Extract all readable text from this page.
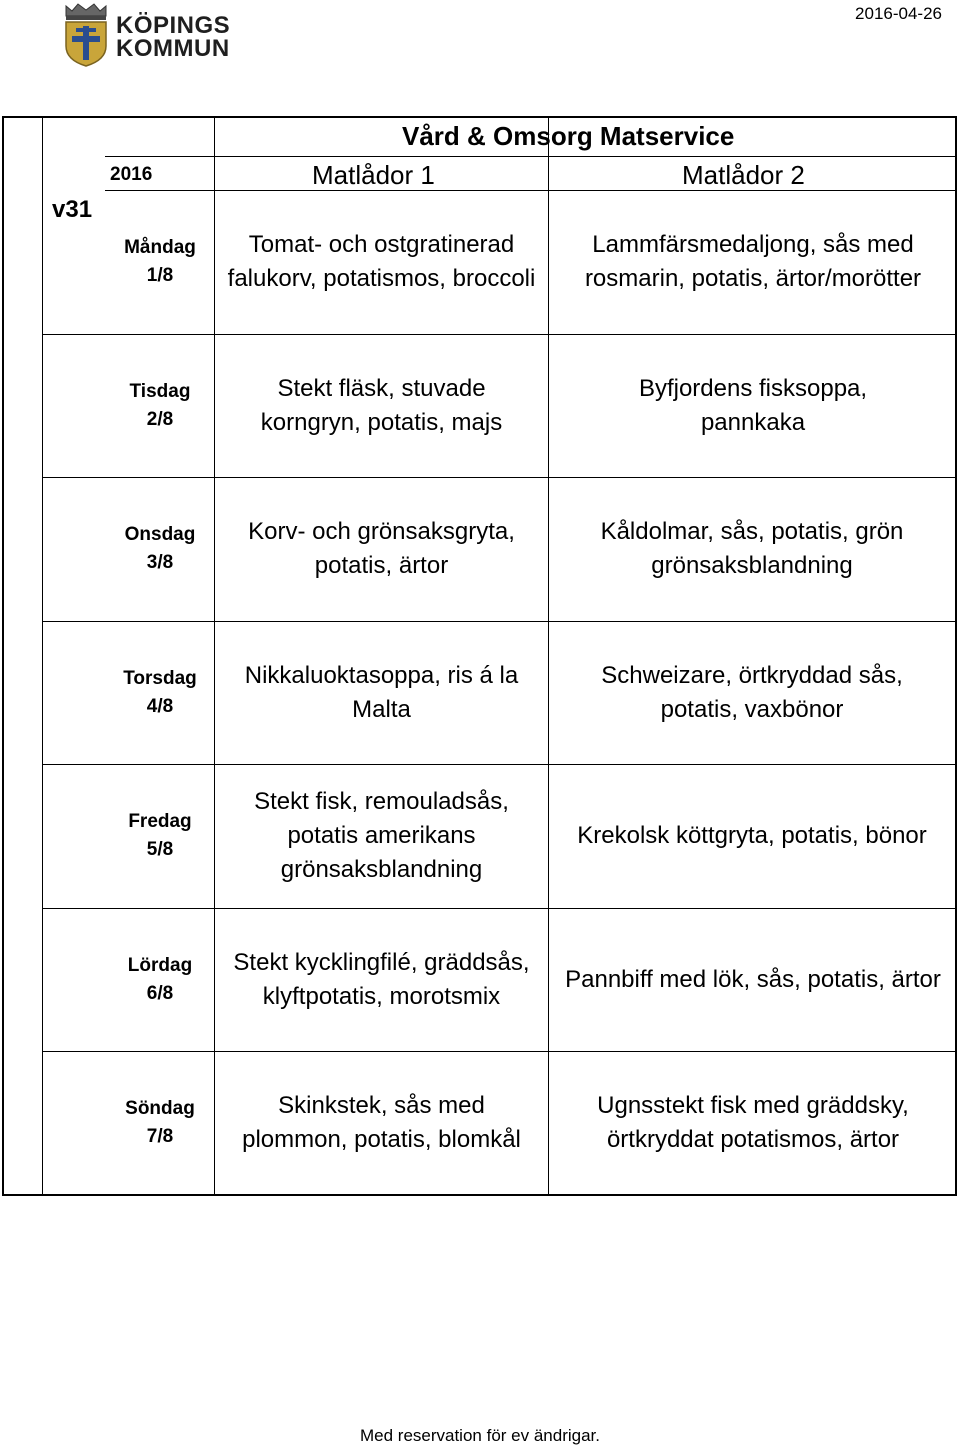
KÖPINGS
KOMMUN
2016-04-26
Vård & Omsorg Matservice
2016	Matlådor 1	Matlådor 2
v31
Måndag
1/8
Tomat- och ostgratinerad falukorv, potatismos, broccoli
Lammfärsmedaljong, sås med rosmarin, potatis, ärtor/morötter
Tisdag
2/8
Stekt fläsk, stuvade korngryn, potatis, majs
Byfjordens fisksoppa, pannkaka
Onsdag
3/8
Korv- och grönsaksgryta, potatis, ärtor
Kåldolmar, sås, potatis, grön grönsaksblandning
Torsdag
4/8
Nikkaluoktasoppa, ris á la Malta
Schweizare, örtkryddad sås, potatis, vaxbönor
Fredag
5/8
Stekt fisk, remouladsås, potatis amerikans grönsaksblandning
Krekolsk köttgryta, potatis, bönor
Lördag
6/8
Stekt kycklingfilé, gräddsås, klyftpotatis, morotsmix
Pannbiff med lök, sås, potatis, ärtor
Söndag
7/8
Skinkstek, sås med plommon, potatis, blomkål
Ugnsstekt fisk med gräddsky, örtkryddat potatismos, ärtor
Med reservation för ev ändrigar.
